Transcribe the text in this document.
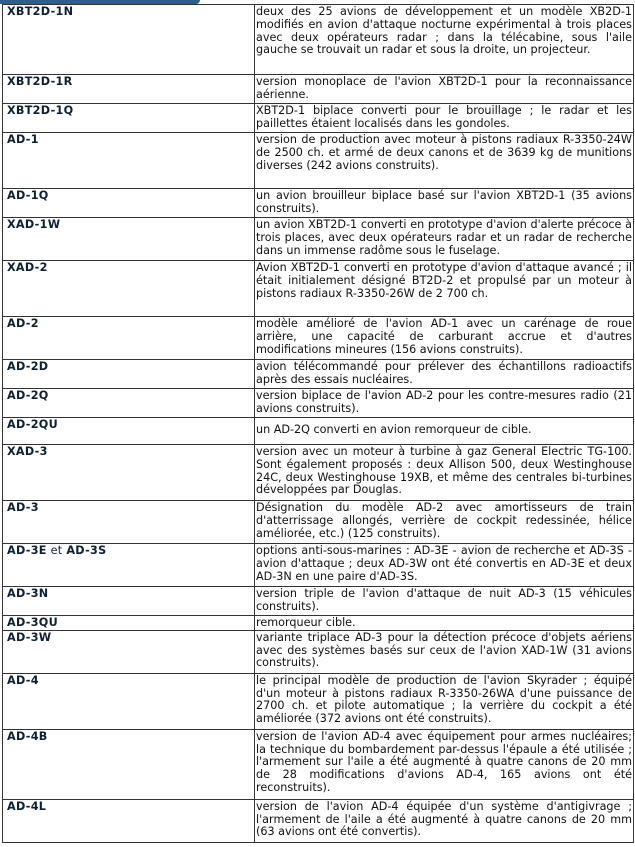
XBT2D-1N	deux des 25 avions de développement et un modèle XB2D-1 modifiés en avion d'attaque nocturne expérimental à trois places avec deux opérateurs radar ; dans la télécabine, sous l'aile gauche se trouvait un radar et sous la droite, un projecteur.
XBT2D-1R	version monoplace de l'avion XBT2D-1 pour la reconnaissance aérienne.
XBT2D-1Q	XBT2D-1 biplace converti pour le brouillage ; le radar et les paillettes étaient localisés dans les gondoles.
AD-1	version de production avec moteur à pistons radiaux R-3350-24W de 2500 ch. et armé de deux canons et de 3639 kg de munitions diverses (242 avions construits).
AD-1Q	un avion brouilleur biplace basé sur l'avion XBT2D-1 (35 avions construits).
XAD-1W	un avion XBT2D-1 converti en prototype d'avion d'alerte précoce à trois places, avec deux opérateurs radar et un radar de recherche dans un immense radôme sous le fuselage.
XAD-2	Avion XBT2D-1 converti en prototype d'avion d'attaque avancé ; il était initialement désigné BT2D-2 et propulsé par un moteur à pistons radiaux R-3350-26W de 2 700 ch.
AD-2	modèle amélioré de l'avion AD-1 avec un carénage de roue arrière, une capacité de carburant accrue et d'autres modifications mineures (156 avions construits).
AD-2D	avion télécommandé pour prélever des échantillons radioactifs après des essais nucléaires.
AD-2Q	version biplace de l'avion AD-2 pour les contre-mesures radio (21 avions construits).
AD-2QU	un AD-2Q converti en avion remorqueur de cible.
XAD-3	version avec un moteur à turbine à gaz General Electric TG-100. Sont également proposés : deux Allison 500, deux Westinghouse 24C, deux Westinghouse 19XB, et même des centrales bi-turbines développées par Douglas.
AD-3	Désignation du modèle AD-2 avec amortisseurs de train d'atterrissage allongés, verrière de cockpit redessinée, hélice améliorée, etc.) (125 construits).
AD-3E et AD-3S	options anti-sous-marines : AD-3E - avion de recherche et AD-3S - avion d'attaque ; deux AD-3W ont été convertis en AD-3E et deux AD-3N en une paire d'AD-3S.
AD-3N	version triple de l'avion d'attaque de nuit AD-3 (15 véhicules construits).
AD-3QU	remorqueur cible.
AD-3W	variante triplace AD-3 pour la détection précoce d'objets aériens avec des systèmes basés sur ceux de l'avion XAD-1W (31 avions construits).
AD-4	le principal modèle de production de l'avion Skyrader ; équipé d'un moteur à pistons radiaux R-3350-26WA d'une puissance de 2700 ch. et pilote automatique ; la verrière du cockpit a été améliorée (372 avions ont été construits).
AD-4B	version de l'avion AD-4 avec équipement pour armes nucléaires; la technique du bombardement par-dessus l'épaule a été utilisée ; l'armement sur l'aile a été augmenté à quatre canons de 20 mm de 28 modifications d'avions AD-4, 165 avions ont été reconstruits).
AD-4L	version de l'avion AD-4 équipée d'un système d'antigivrage ; l'armement de l'aile a été augmenté à quatre canons de 20 mm (63 avions ont été convertis).
